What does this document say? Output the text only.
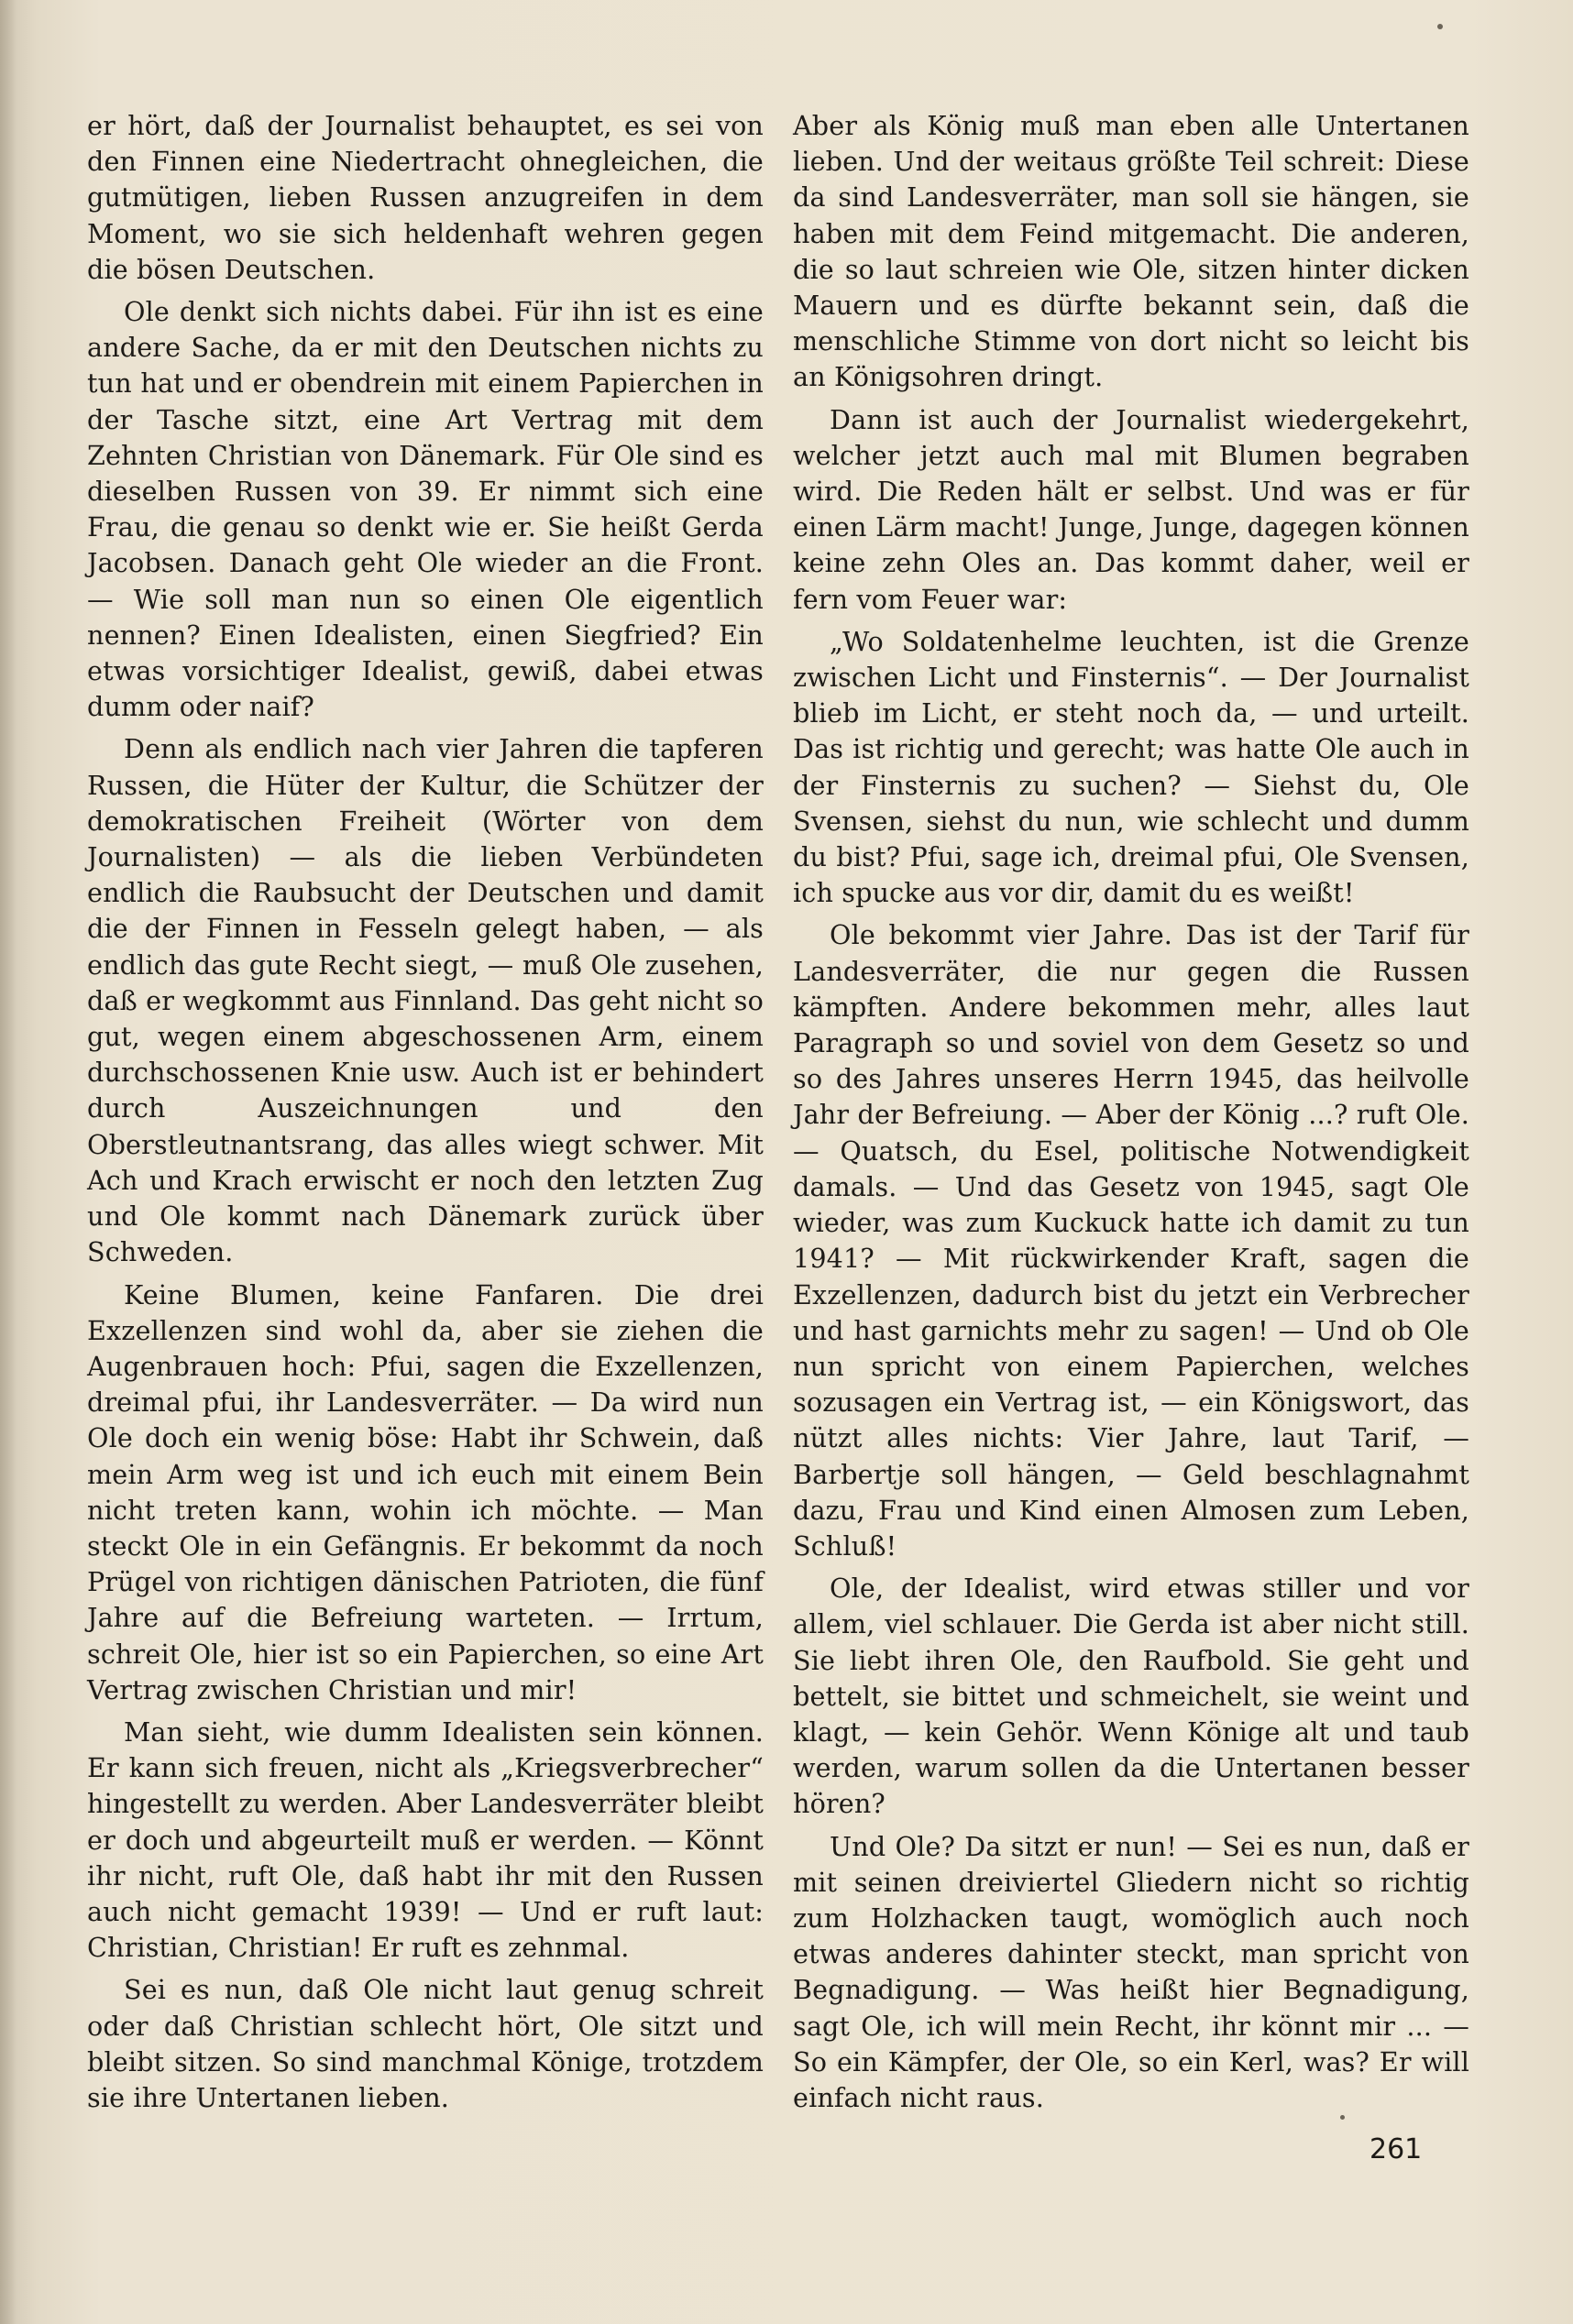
er hört, daß der Journalist behauptet, es sei von den Finnen eine Niedertracht ohnegleichen, die gutmütigen, lieben Russen anzugreifen in dem Moment, wo sie sich heldenhaft wehren gegen die bösen Deutschen.

Ole denkt sich nichts dabei. Für ihn ist es eine andere Sache, da er mit den Deutschen nichts zu tun hat und er obendrein mit einem Papierchen in der Tasche sitzt, eine Art Vertrag mit dem Zehnten Christian von Dänemark. Für Ole sind es dieselben Russen von 39. Er nimmt sich eine Frau, die genau so denkt wie er. Sie heißt Gerda Jacobsen. Danach geht Ole wieder an die Front. — Wie soll man nun so einen Ole eigentlich nennen? Einen Idealisten, einen Siegfried? Ein etwas vorsichtiger Idealist, gewiß, dabei etwas dumm oder naif?

Denn als endlich nach vier Jahren die tapferen Russen, die Hüter der Kultur, die Schützer der demokratischen Freiheit (Wörter von dem Journalisten) — als die lieben Verbündeten endlich die Raubsucht der Deutschen und damit die der Finnen in Fesseln gelegt haben, — als endlich das gute Recht siegt, — muß Ole zusehen, daß er wegkommt aus Finnland. Das geht nicht so gut, wegen einem abgeschossenen Arm, einem durchschossenen Knie usw. Auch ist er behindert durch Auszeichnungen und den Oberstleutnantsrang, das alles wiegt schwer. Mit Ach und Krach erwischt er noch den letzten Zug und Ole kommt nach Dänemark zurück über Schweden.

Keine Blumen, keine Fanfaren. Die drei Exzellenzen sind wohl da, aber sie ziehen die Augenbrauen hoch: Pfui, sagen die Exzellenzen, dreimal pfui, ihr Landesverräter. — Da wird nun Ole doch ein wenig böse: Habt ihr Schwein, daß mein Arm weg ist und ich euch mit einem Bein nicht treten kann, wohin ich möchte. — Man steckt Ole in ein Gefängnis. Er bekommt da noch Prügel von richtigen dänischen Patrioten, die fünf Jahre auf die Befreiung warteten. — Irrtum, schreit Ole, hier ist so ein Papierchen, so eine Art Vertrag zwischen Christian und mir!

Man sieht, wie dumm Idealisten sein können. Er kann sich freuen, nicht als „Kriegsverbrecher“ hingestellt zu werden. Aber Landesverräter bleibt er doch und abgeurteilt muß er werden. — Könnt ihr nicht, ruft Ole, daß habt ihr mit den Russen auch nicht gemacht 1939! — Und er ruft laut: Christian, Christian! Er ruft es zehnmal.

Sei es nun, daß Ole nicht laut genug schreit oder daß Christian schlecht hört, Ole sitzt und bleibt sitzen. So sind manchmal Könige, trotzdem sie ihre Untertanen lieben.

Aber als König muß man eben alle Untertanen lieben. Und der weitaus größte Teil schreit: Diese da sind Landesverräter, man soll sie hängen, sie haben mit dem Feind mitgemacht. Die anderen, die so laut schreien wie Ole, sitzen hinter dicken Mauern und es dürfte bekannt sein, daß die menschliche Stimme von dort nicht so leicht bis an Königsohren dringt.

Dann ist auch der Journalist wiedergekehrt, welcher jetzt auch mal mit Blumen begraben wird. Die Reden hält er selbst. Und was er für einen Lärm macht! Junge, Junge, dagegen können keine zehn Oles an. Das kommt daher, weil er fern vom Feuer war:

„Wo Soldatenhelme leuchten, ist die Grenze zwischen Licht und Finsternis“. — Der Journalist blieb im Licht, er steht noch da, — und urteilt. Das ist richtig und gerecht; was hatte Ole auch in der Finsternis zu suchen? — Siehst du, Ole Svensen, siehst du nun, wie schlecht und dumm du bist? Pfui, sage ich, dreimal pfui, Ole Svensen, ich spucke aus vor dir, damit du es weißt!

Ole bekommt vier Jahre. Das ist der Tarif für Landesverräter, die nur gegen die Russen kämpften. Andere bekommen mehr, alles laut Paragraph so und soviel von dem Gesetz so und so des Jahres unseres Herrn 1945, das heilvolle Jahr der Befreiung. — Aber der König ...? ruft Ole. — Quatsch, du Esel, politische Notwendigkeit damals. — Und das Gesetz von 1945, sagt Ole wieder, was zum Kuckuck hatte ich damit zu tun 1941? — Mit rückwirkender Kraft, sagen die Exzellenzen, dadurch bist du jetzt ein Verbrecher und hast garnichts mehr zu sagen! — Und ob Ole nun spricht von einem Papierchen, welches sozusagen ein Vertrag ist, — ein Königswort, das nützt alles nichts: Vier Jahre, laut Tarif, — Barbertje soll hängen, — Geld beschlagnahmt dazu, Frau und Kind einen Almosen zum Leben, Schluß!

Ole, der Idealist, wird etwas stiller und vor allem, viel schlauer. Die Gerda ist aber nicht still. Sie liebt ihren Ole, den Raufbold. Sie geht und bettelt, sie bittet und schmeichelt, sie weint und klagt, — kein Gehör. Wenn Könige alt und taub werden, warum sollen da die Untertanen besser hören?

Und Ole? Da sitzt er nun! — Sei es nun, daß er mit seinen dreiviertel Gliedern nicht so richtig zum Holzhacken taugt, womöglich auch noch etwas anderes dahinter steckt, man spricht von Begnadigung. — Was heißt hier Begnadigung, sagt Ole, ich will mein Recht, ihr könnt mir ... — So ein Kämpfer, der Ole, so ein Kerl, was? Er will einfach nicht raus.

261
